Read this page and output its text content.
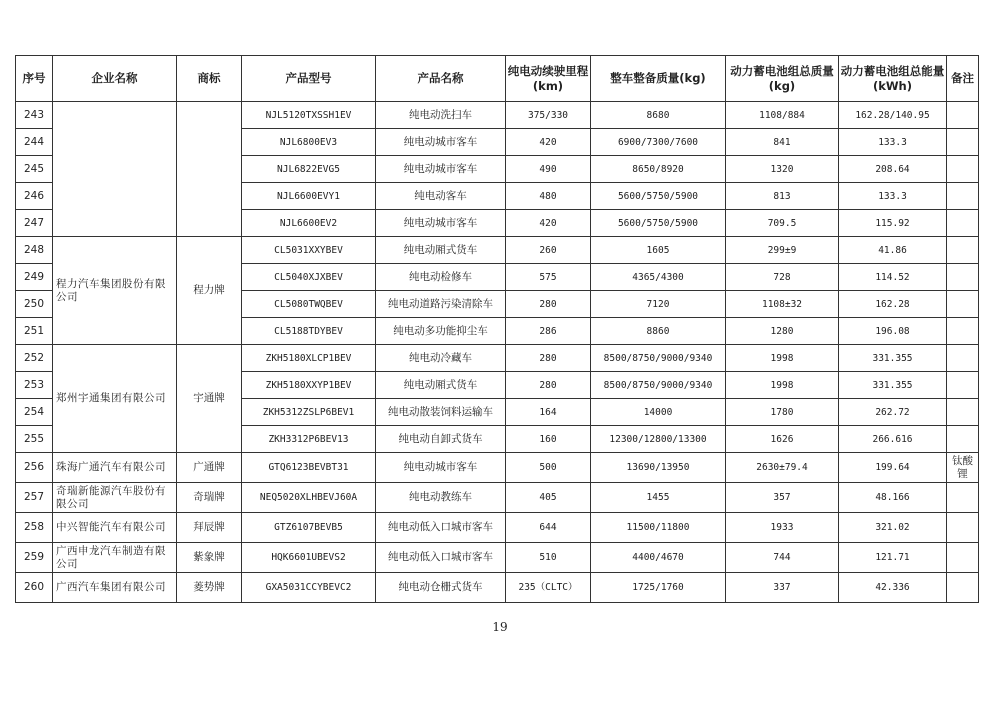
序号	企业名称	商标	产品型号	产品名称	纯电动续驶里程(km)	整车整备质量(kg)	动力蓄电池组总质量(kg)	动力蓄电池组总能量(kWh)	备注
243			NJL5120TXSSH1EV	纯电动洗扫车	375/330	8680	1108/884	162.28/140.95	
244			NJL6800EV3	纯电动城市客车	420	6900/7300/7600	841	133.3	
245			NJL6822EVG5	纯电动城市客车	490	8650/8920	1320	208.64	
246			NJL6600EVY1	纯电动客车	480	5600/5750/5900	813	133.3	
247			NJL6600EV2	纯电动城市客车	420	5600/5750/5900	709.5	115.92	
248	程力汽车集团股份有限公司	程力牌	CL5031XXYBEV	纯电动厢式货车	260	1605	299±9	41.86	
249			CL5040XJXBEV	纯电动检修车	575	4365/4300	728	114.52	
250			CL5080TWQBEV	纯电动道路污染清除车	280	7120	1108±32	162.28	
251			CL5188TDYBEV	纯电动多功能抑尘车	286	8860	1280	196.08	
252	郑州宇通集团有限公司	宇通牌	ZKH5180XLCP1BEV	纯电动冷藏车	280	8500/8750/9000/9340	1998	331.355	
253			ZKH5180XXYP1BEV	纯电动厢式货车	280	8500/8750/9000/9340	1998	331.355	
254			ZKH5312ZSLP6BEV1	纯电动散装饲料运输车	164	14000	1780	262.72	
255			ZKH3312P6BEV13	纯电动自卸式货车	160	12300/12800/13300	1626	266.616	
256	珠海广通汽车有限公司	广通牌	GTQ6123BEVBT31	纯电动城市客车	500	13690/13950	2630±79.4	199.64	钛酸锂
257	奇瑞新能源汽车股份有限公司	奇瑞牌	NEQ5020XLHBEVJ60A	纯电动教练车	405	1455	357	48.166	
258	中兴智能汽车有限公司	拜辰牌	GTZ6107BEVB5	纯电动低入口城市客车	644	11500/11800	1933	321.02	
259	广西申龙汽车制造有限公司	紫象牌	HQK6601UBEVS2	纯电动低入口城市客车	510	4400/4670	744	121.71	
260	广西汽车集团有限公司	菱势牌	GXA5031CCYBEVC2	纯电动仓栅式货车	235（CLTC）	1725/1760	337	42.336	
19
